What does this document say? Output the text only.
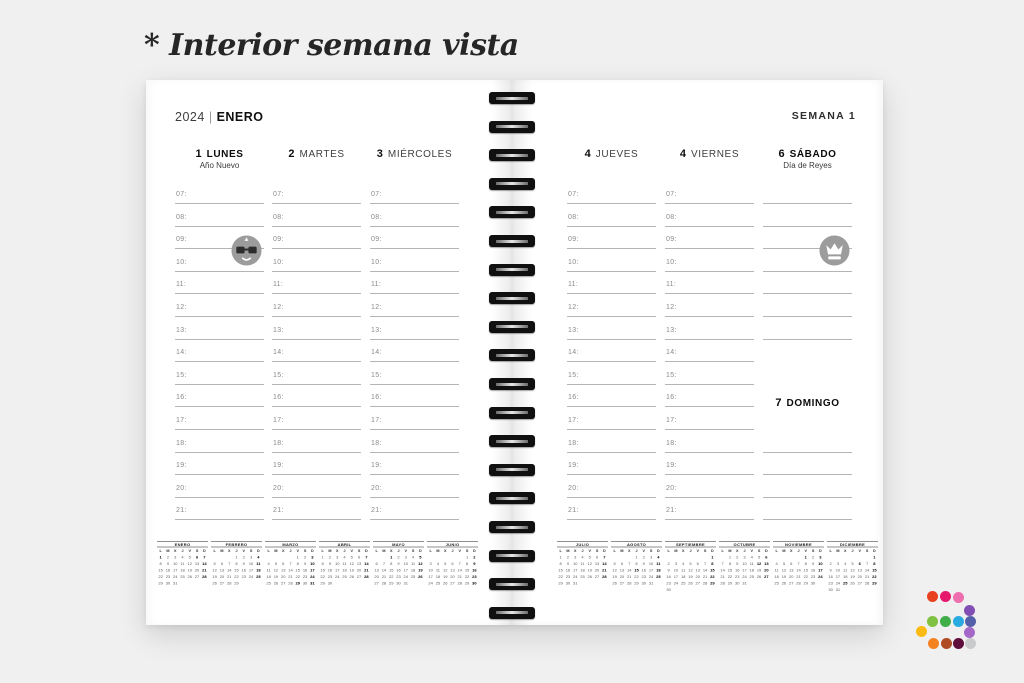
* Interior semana vista
2024 | ENERO	SEMANA 1
1 LUNES
Año Nuevo
07:
08:
09:
10:
11:
12:
13:
14:
15:
16:
17:
18:
19:
20:
21:
2 MARTES
07:
08:
09:
10:
11:
12:
13:
14:
15:
16:
17:
18:
19:
20:
21:
3 MIÉRCOLES
07:
08:
09:
10:
11:
12:
13:
14:
15:
16:
17:
18:
19:
20:
21:
4 JUEVES
07:
08:
09:
10:
11:
12:
13:
14:
15:
16:
17:
18:
19:
20:
21:
4 VIERNES
07:
08:
09:
10:
11:
12:
13:
14:
15:
16:
17:
18:
19:
20:
21:
6 SÁBADO
Día de Reyes
7 DOMINGO
ENERO
L M X J V S D
1 2 3 4 5 6 7
8 9 10 11 12 13 14
15 16 17 18 19 20 21
22 23 24 25 26 27 28
29 30 31
FEBRERO
L M X J V S D
1 2 3 4
5 6 7 8 9 10 11
12 13 14 15 16 17 18
19 20 21 22 23 24 25
26 27 28 29
MARZO
L M X J V S D
1 2 3
4 5 6 7 8 9 10
11 12 13 14 15 16 17
18 19 20 21 22 23 24
25 26 27 28 29 30 31
ABRIL
L M X J V S D
1 2 3 4 5 6 7
8 9 10 11 12 13 14
15 16 17 18 19 20 21
22 23 24 25 26 27 28
29 30
MAYO
L M X J V S D
1 2 3 4 5
6 7 8 9 10 11 12
13 14 15 16 17 18 19
20 21 22 23 24 25 26
27 28 29 30 31
JUNIO
L M X J V S D
1 2
3 4 5 6 7 8 9
10 11 12 13 14 15 16
17 18 19 20 21 22 23
24 25 26 27 28 29 30
JULIO
L M X J V S D
1 2 3 4 5 6 7
8 9 10 11 12 13 14
15 16 17 18 19 20 21
22 23 24 25 26 27 28
29 30 31
AGOSTO
L M X J V S D
1 2 3 4
5 6 7 8 9 10 11
12 13 14 15 16 17 18
19 20 21 22 23 24 25
26 27 28 29 30 31
SEPTIEMBRE
L M X J V S D
1
2 3 4 5 6 7 8
9 10 11 12 13 14 15
16 17 18 19 20 21 22
23 24 25 26 27 28 29
30
OCTUBRE
L M X J V S D
1 2 3 4 5 6
7 8 9 10 11 12 13
14 15 16 17 18 19 20
21 22 23 24 25 26 27
28 29 30 31
NOVIEMBRE
L M X J V S D
1 2 3
4 5 6 7 8 9 10
11 12 13 14 15 16 17
18 19 20 21 22 23 24
25 26 27 28 29 30
DICIEMBRE
L M X J V S D
1
2 3 4 5 6 7 8
9 10 11 12 13 14 15
16 17 18 19 20 21 22
23 24 25 26 27 28 29
30 31
